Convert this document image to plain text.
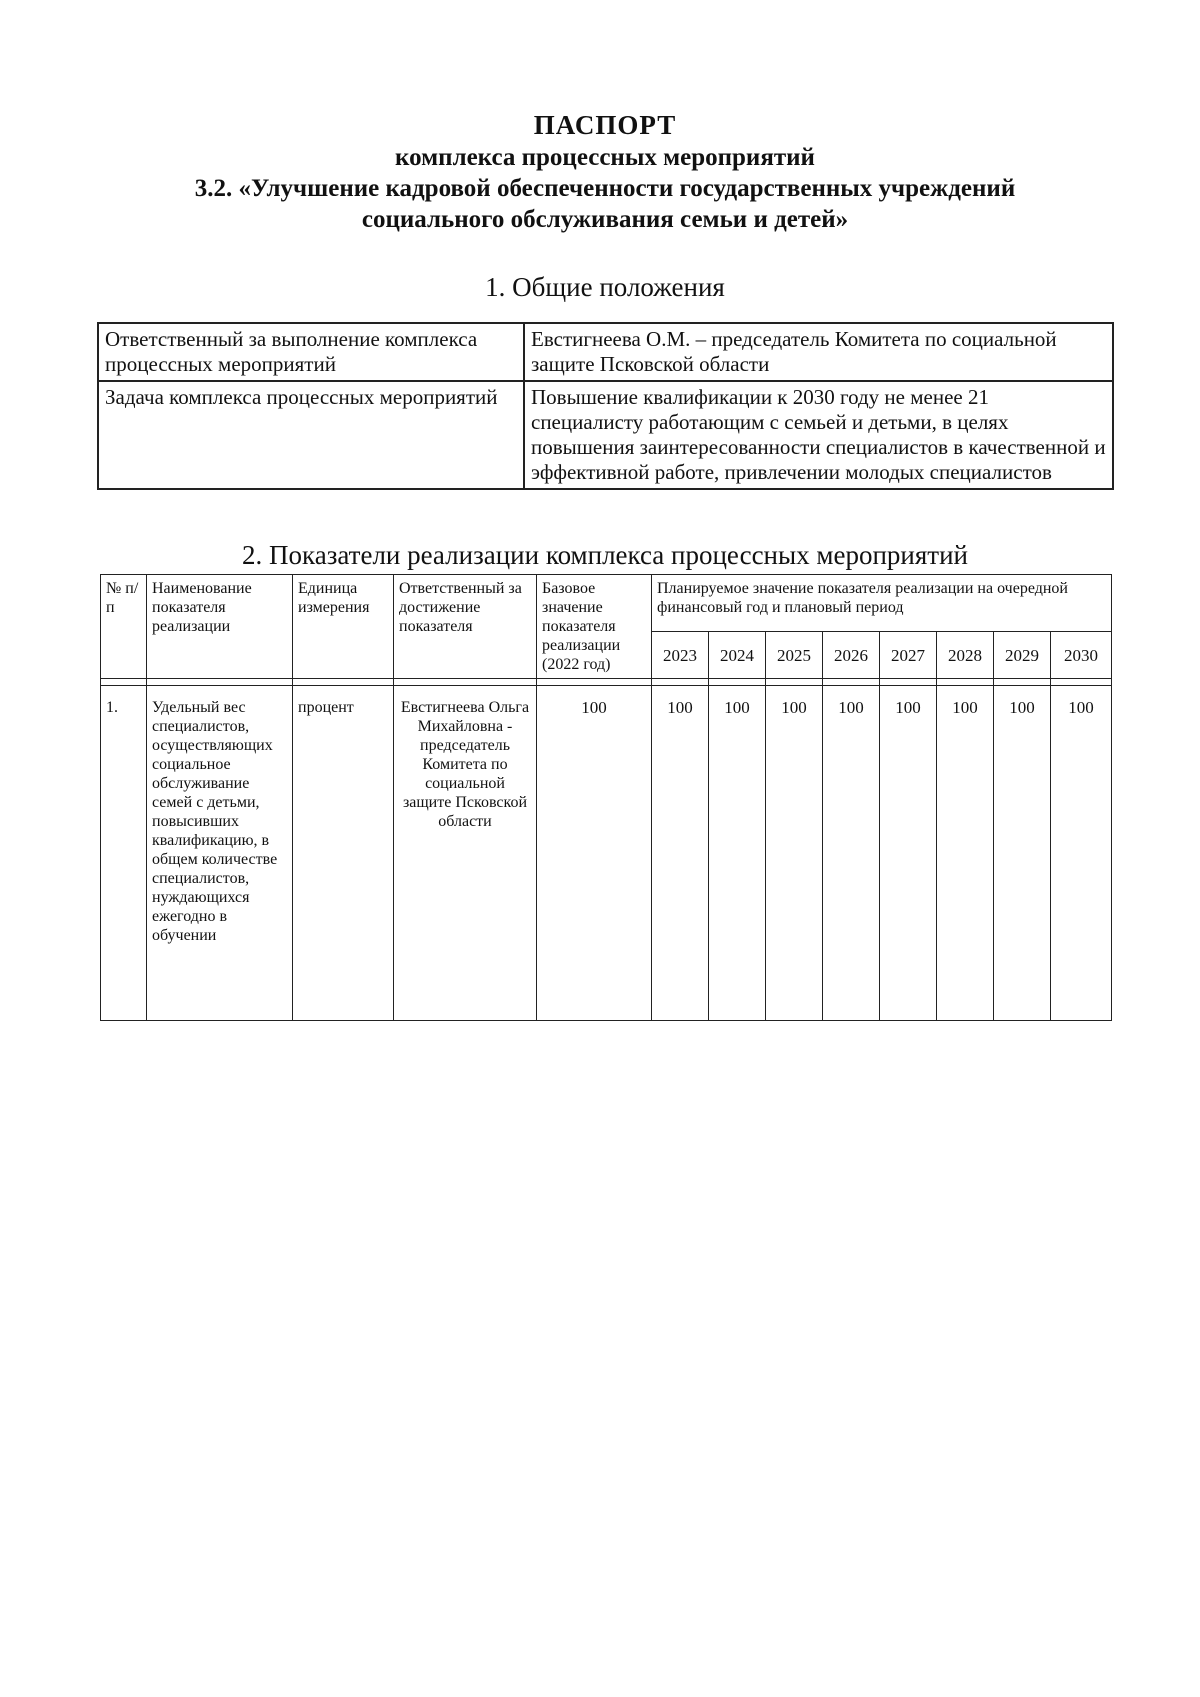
ПАСПОРТ
комплекса процессных мероприятий
3.2. «Улучшение кадровой обеспеченности государственных учреждений
социального обслуживания семьи и детей»
1. Общие положения
Ответственный за выполнение комплекса процессных мероприятий	Евстигнеева О.М. – председатель Комитета по социальной защите Псковской области
Задача комплекса процессных мероприятий	Повышение квалификации к 2030 году не менее 21 специалисту работающим с семьей и детьми, в целях повышения заинтересованности специалистов в качественной и эффективной работе, привлечении молодых специалистов
2. Показатели реализации комплекса процессных мероприятий
№ п/п	Наименование показателя реализации	Единица измерения	Ответственный за достижение показателя	Базовое значение показателя реализации (2022 год)	Планируемое значение показателя реализации на очередной финансовый год и плановый период							
					2023	2024	2025	2026	2027	2028	2029	2030

1.	Удельный вес специалистов, осуществляющих социальное обслуживание семей с детьми, повысивших квалификацию, в общем количестве специалистов, нуждающихся ежегодно в обучении	процент	Евстигнеева Ольга Михайловна - председатель Комитета по социальной защите Псковской области	100	100	100	100	100	100	100	100	100
